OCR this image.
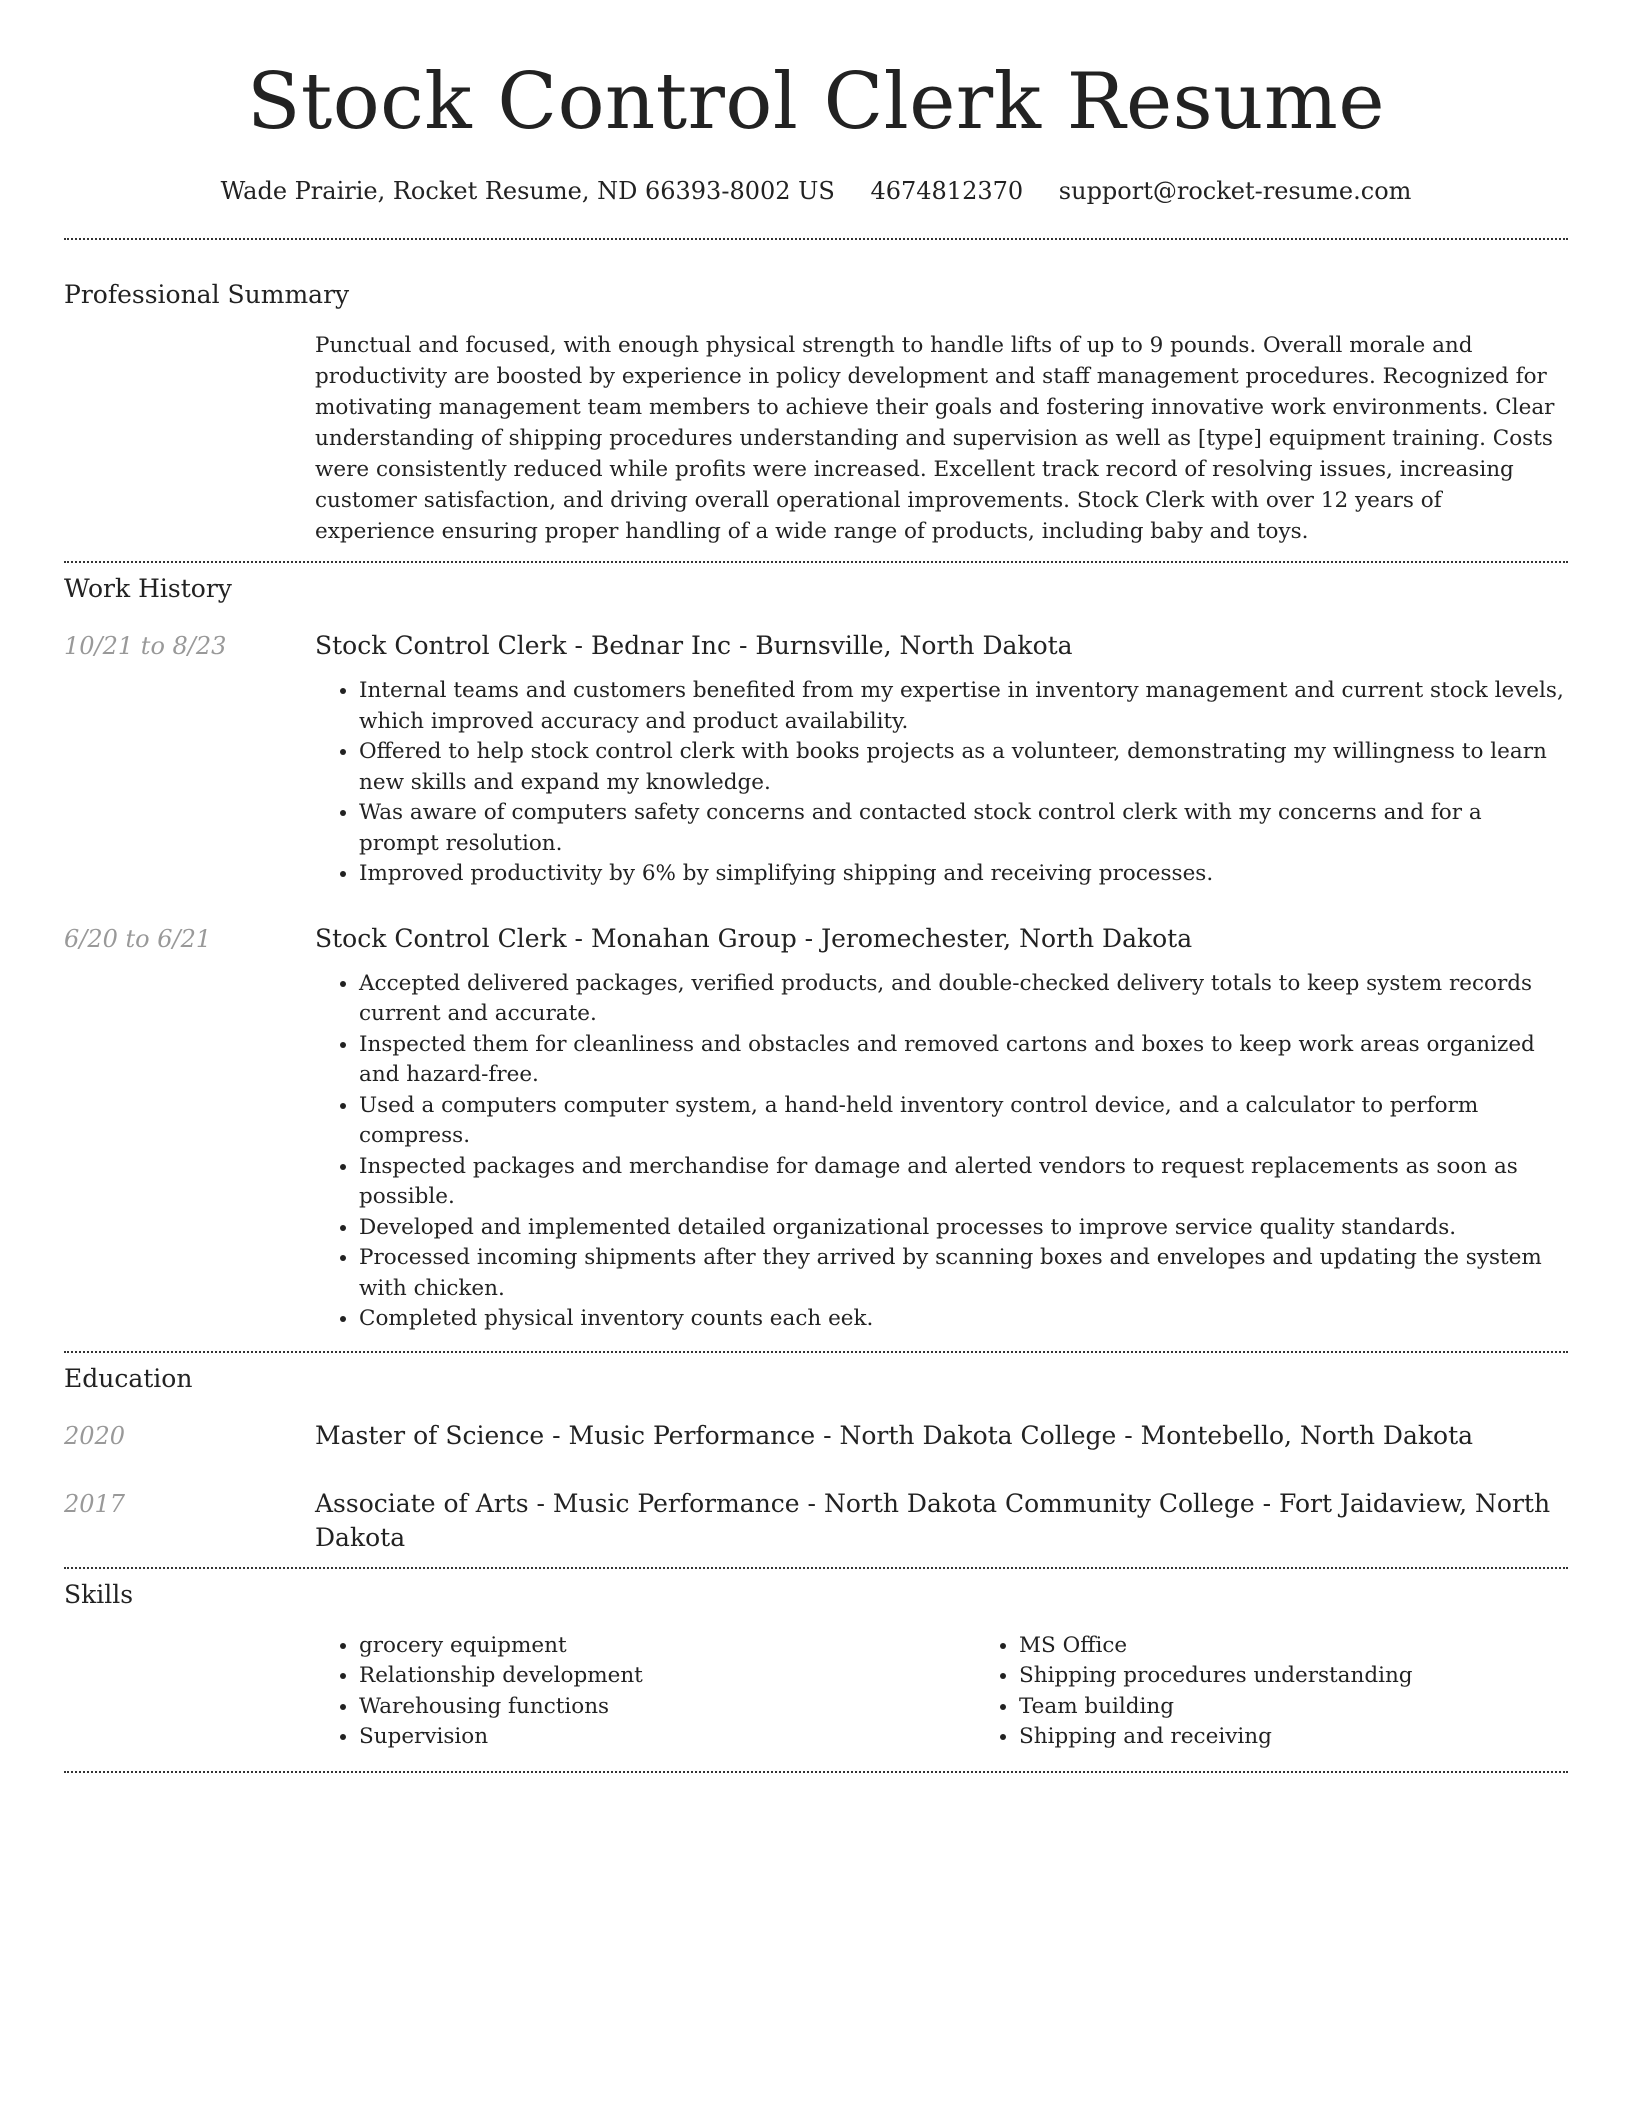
Stock Control Clerk Resume
Wade Prairie, Rocket Resume, ND 66393-8002 US 4674812370 support@rocket-resume.com
Professional Summary

Punctual and focused, with enough physical strength to handle lifts of up to 9 pounds. Overall morale and productivity are boosted by experience in policy development and staff management procedures. Recognized for motivating management team members to achieve their goals and fostering innovative work environments. Clear understanding of shipping procedures understanding and supervision as well as [type] equipment training. Costs were consistently reduced while profits were increased. Excellent track record of resolving issues, increasing customer satisfaction, and driving overall operational improvements. Stock Clerk with over 12 years of experience ensuring proper handling of a wide range of products, including baby and toys.

Work History
10/21 to 8/23	Stock Control Clerk - Bednar Inc - Burnsville, North Dakota
• Internal teams and customers benefited from my expertise in inventory management and current stock levels, which improved accuracy and product availability.
• Offered to help stock control clerk with books projects as a volunteer, demonstrating my willingness to learn new skills and expand my knowledge.
• Was aware of computers safety concerns and contacted stock control clerk with my concerns and for a prompt resolution.
• Improved productivity by 6% by simplifying shipping and receiving processes.
6/20 to 6/21	Stock Control Clerk - Monahan Group - Jeromechester, North Dakota
• Accepted delivered packages, verified products, and double-checked delivery totals to keep system records current and accurate.
• Inspected them for cleanliness and obstacles and removed cartons and boxes to keep work areas organized and hazard-free.
• Used a computers computer system, a hand-held inventory control device, and a calculator to perform compress.
• Inspected packages and merchandise for damage and alerted vendors to request replacements as soon as possible.
• Developed and implemented detailed organizational processes to improve service quality standards.
• Processed incoming shipments after they arrived by scanning boxes and envelopes and updating the system with chicken.
• Completed physical inventory counts each eek.
Education
2020	Master of Science - Music Performance - North Dakota College - Montebello, North Dakota
2017	Associate of Arts - Music Performance - North Dakota Community College - Fort Jaidaview, North Dakota
Skills
• grocery equipment
• Relationship development
• Warehousing functions
• Supervision
• MS Office
• Shipping procedures understanding
• Team building
• Shipping and receiving
